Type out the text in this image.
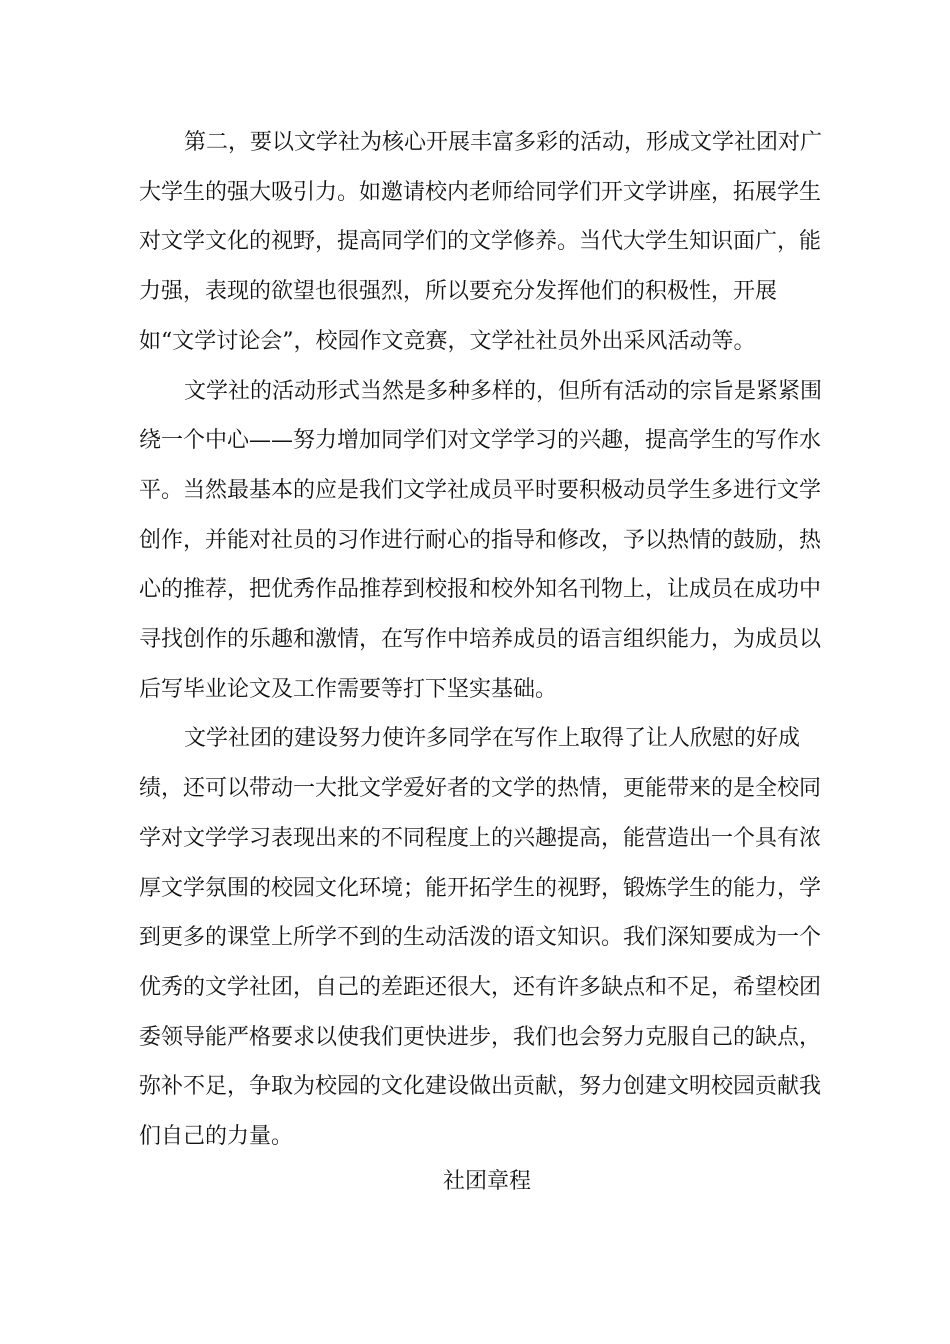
第二，要以文学社为核心开展丰富多彩的活动，形成文学社团对广大学生的强大吸引力。如邀请校内老师给同学们开文学讲座，拓展学生对文学文化的视野，提高同学们的文学修养。当代大学生知识面广，能力强，表现的欲望也很强烈，所以要充分发挥他们的积极性，开展如“文学讨论会”，校园作文竞赛，文学社社员外出采风活动等。

文学社的活动形式当然是多种多样的，但所有活动的宗旨是紧紧围绕一个中心——努力增加同学们对文学学习的兴趣，提高学生的写作水平。当然最基本的应是我们文学社成员平时要积极动员学生多进行文学创作，并能对社员的习作进行耐心的指导和修改，予以热情的鼓励，热心的推荐，把优秀作品推荐到校报和校外知名刊物上，让成员在成功中寻找创作的乐趣和激情，在写作中培养成员的语言组织能力，为成员以后写毕业论文及工作需要等打下坚实基础。

文学社团的建设努力使许多同学在写作上取得了让人欣慰的好成绩，还可以带动一大批文学爱好者的文学的热情，更能带来的是全校同学对文学学习表现出来的不同程度上的兴趣提高，能营造出一个具有浓厚文学氛围的校园文化环境；能开拓学生的视野，锻炼学生的能力，学到更多的课堂上所学不到的生动活泼的语文知识。我们深知要成为一个优秀的文学社团，自己的差距还很大，还有许多缺点和不足，希望校团委领导能严格要求以使我们更快进步，我们也会努力克服自己的缺点，弥补不足，争取为校园的文化建设做出贡献，努力创建文明校园贡献我们自己的力量。

社团章程
